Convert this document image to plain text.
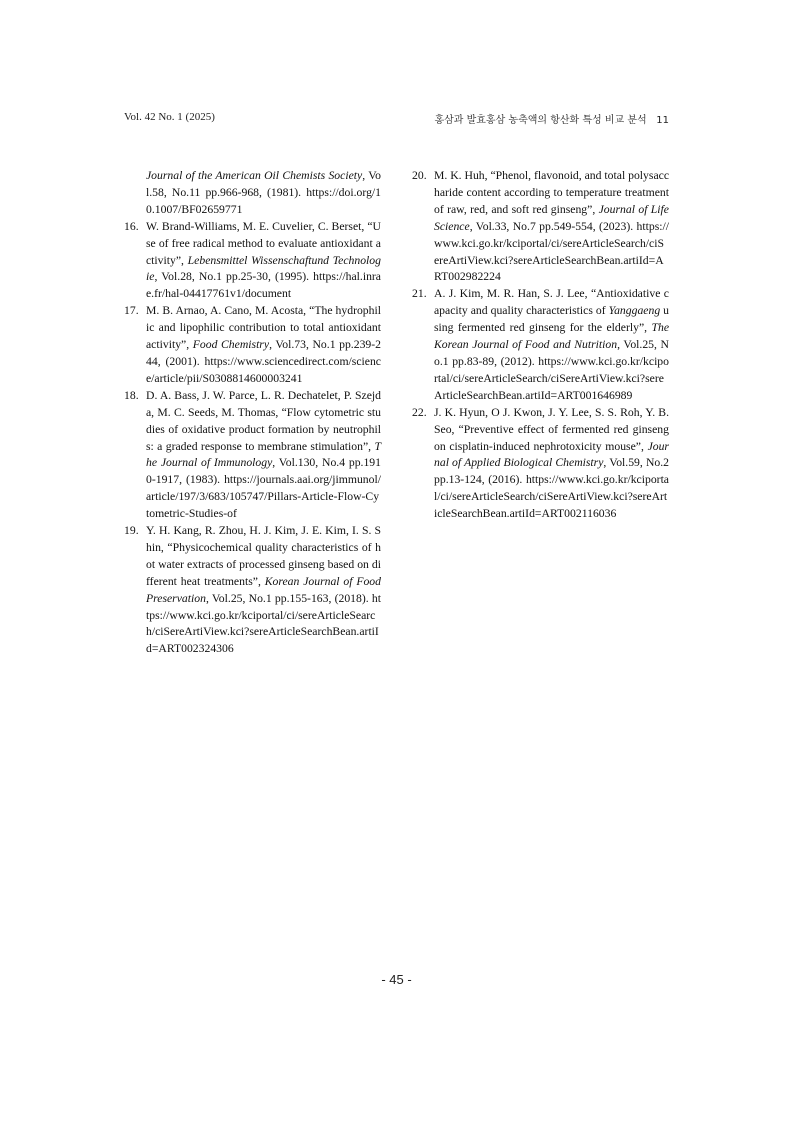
Vol. 42 No. 1 (2025)	홍삼과 발효홍삼 농축액의 항산화 특성 비교 분석 11
Journal of the American Oil Chemists Society, Vol.58, No.11 pp.966-968, (1981). https://doi.org/10.1007/BF02659771
16. W. Brand-Williams, M. E. Cuvelier, C. Berset, “Use of free radical method to evaluate antioxidant activity”, Lebensmittel Wissenschaftund Technologie, Vol.28, No.1 pp.25-30, (1995). https://hal.inrae.fr/hal-04417761v1/document
17. M. B. Arnao, A. Cano, M. Acosta, “The hydrophilic and lipophilic contribution to total antioxidant activity”, Food Chemistry, Vol.73, No.1 pp.239-244, (2001). https://www.sciencedirect.com/science/article/pii/S0308814600003241
18. D. A. Bass, J. W. Parce, L. R. Dechatelet, P. Szejda, M. C. Seeds, M. Thomas, “Flow cytometric studies of oxidative product formation by neutrophils: a graded response to membrane stimulation”, The Journal of Immunology, Vol.130, No.4 pp.1910-1917, (1983). https://journals.aai.org/jimmunol/article/197/3/683/105747/Pillars-Article-Flow-Cytometric-Studies-of
19. Y. H. Kang, R. Zhou, H. J. Kim, J. E. Kim, I. S. Shin, “Physicochemical quality characteristics of hot water extracts of processed ginseng based on different heat treatments”, Korean Journal of Food Preservation, Vol.25, No.1 pp.155-163, (2018). https://www.kci.go.kr/kciportal/ci/sereArticleSearch/ciSereArtiView.kci?sereArticleSearchBean.artiId=ART002324306
20. M. K. Huh, “Phenol, flavonoid, and total polysaccharide content according to temperature treatment of raw, red, and soft red ginseng”, Journal of Life Science, Vol.33, No.7 pp.549-554, (2023). https://www.kci.go.kr/kciportal/ci/sereArticleSearch/ciSereArtiView.kci?sereArticleSearchBean.artiId=ART002982224
21. A. J. Kim, M. R. Han, S. J. Lee, “Antioxidative capacity and quality characteristics of Yanggaeng using fermented red ginseng for the elderly”, The Korean Journal of Food and Nutrition, Vol.25, No.1 pp.83-89, (2012). https://www.kci.go.kr/kciportal/ci/sereArticleSearch/ciSereArtiView.kci?sereArticleSearchBean.artiId=ART001646989
22. J. K. Hyun, O J. Kwon, J. Y. Lee, S. S. Roh, Y. B. Seo, “Preventive effect of fermented red ginseng on cisplatin-induced nephrotoxicity mouse”, Journal of Applied Biological Chemistry, Vol.59, No.2 pp.13-124, (2016). https://www.kci.go.kr/kciportal/ci/sereArticleSearch/ciSereArtiView.kci?sereArticleSearchBean.artiId=ART002116036
- 45 -
